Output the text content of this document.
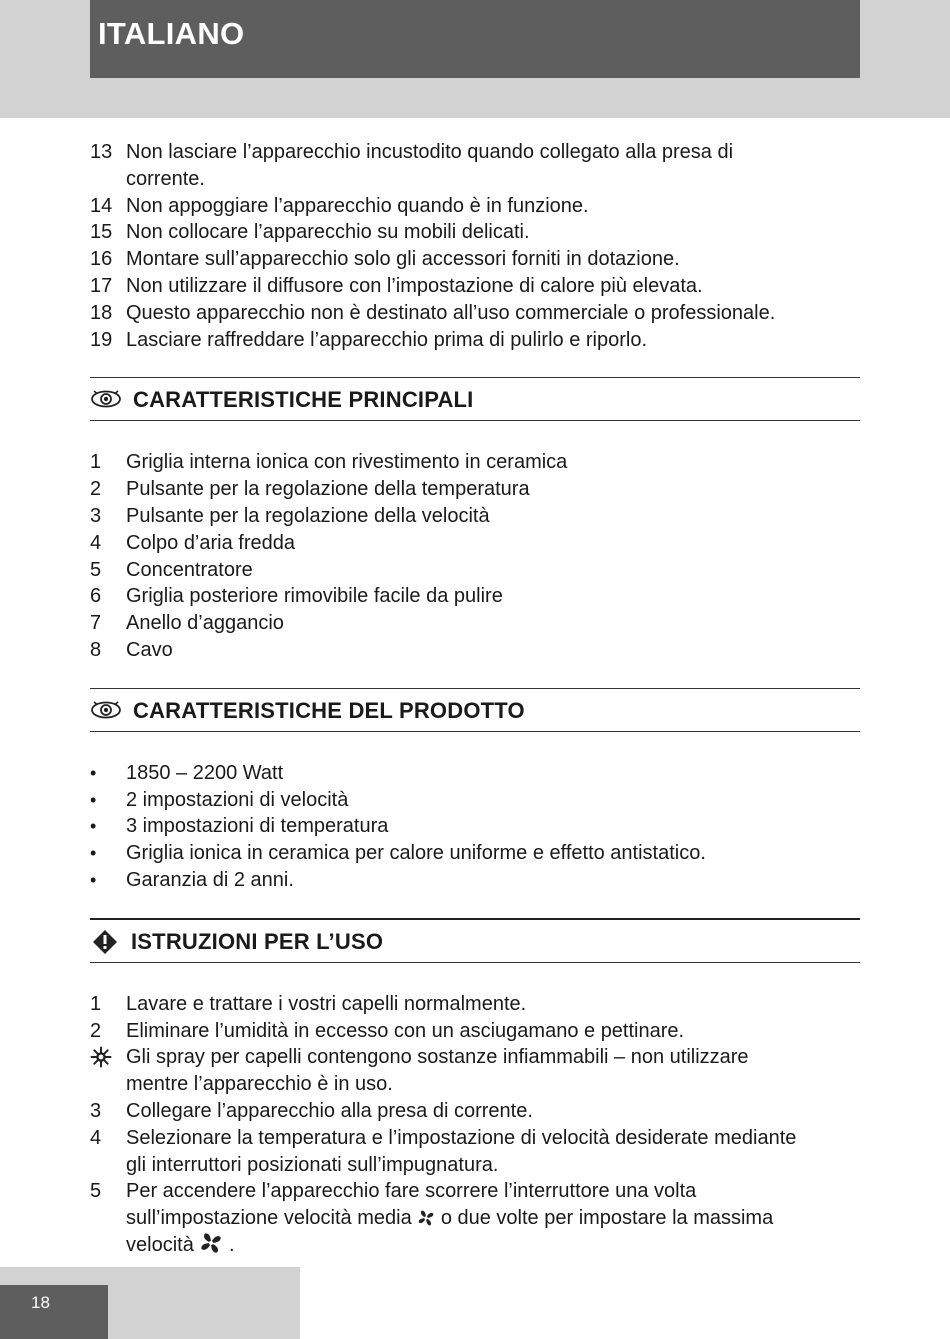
ITALIANO
13 Non lasciare l’apparecchio incustodito quando collegato alla presa di
corrente.
14 Non appoggiare l’apparecchio quando è in funzione.
15 Non collocare l’apparecchio su mobili delicati.
16 Montare sull’apparecchio solo gli accessori forniti in dotazione.
17 Non utilizzare il diffusore con l’impostazione di calore più elevata.
18 Questo apparecchio non è destinato all’uso commerciale o professionale.
19 Lasciare raffreddare l’apparecchio prima di pulirlo e riporlo.
CARATTERISTICHE PRINCIPALI
1	Griglia interna ionica con rivestimento in ceramica
2	Pulsante per la regolazione della temperatura
3	Pulsante per la regolazione della velocità
4	Colpo d’aria fredda
5	Concentratore
6	Griglia posteriore rimovibile facile da pulire
7	Anello d’aggancio
8	Cavo
CARATTERISTICHE DEL PRODOTTO
•	1850 – 2200 Watt
•	2 impostazioni di velocità
•	3 impostazioni di temperatura
•	Griglia ionica in ceramica per calore uniforme e effetto antistatico.
•	Garanzia di 2 anni.
ISTRUZIONI PER L’USO
1	Lavare e trattare i vostri capelli normalmente.
2	Eliminare l’umidità in eccesso con un asciugamano e pettinare.
Gli spray per capelli contengono sostanze infiammabili – non utilizzare
mentre l’apparecchio è in uso.
3	Collegare l’apparecchio alla presa di corrente.
4	Selezionare la temperatura e l’impostazione di velocità desiderate mediante
gli interruttori posizionati sull’impugnatura.
5	Per accendere l’apparecchio fare scorrere l’interruttore una volta
sull’impostazione velocità media o due volte per impostare la massima
velocità .
18
